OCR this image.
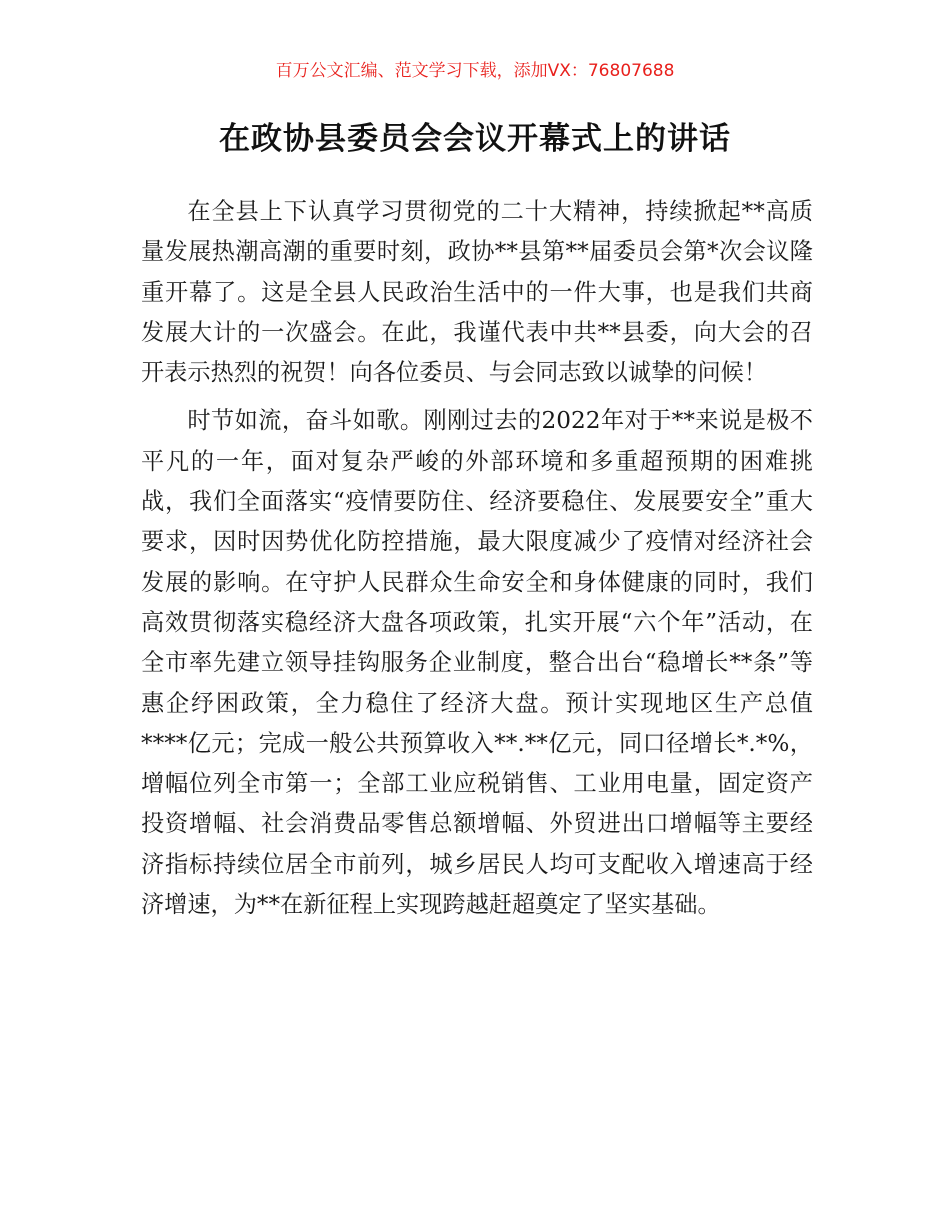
百万公文汇编、范文学习下载，添加VX：76807688
在政协县委员会会议开幕式上的讲话

在全县上下认真学习贯彻党的二十大精神，持续掀起**高质量发展热潮高潮的重要时刻，政协**县第**届委员会第*次会议隆重开幕了。这是全县人民政治生活中的一件大事，也是我们共商发展大计的一次盛会。在此，我谨代表中共**县委，向大会的召开表示热烈的祝贺！向各位委员、与会同志致以诚挚的问候！

时节如流，奋斗如歌。刚刚过去的2022年对于**来说是极不平凡的一年，面对复杂严峻的外部环境和多重超预期的困难挑战，我们全面落实“疫情要防住、经济要稳住、发展要安全”重大要求，因时因势优化防控措施，最大限度减少了疫情对经济社会发展的影响。在守护人民群众生命安全和身体健康的同时，我们高效贯彻落实稳经济大盘各项政策，扎实开展“六个年”活动，在全市率先建立领导挂钩服务企业制度，整合出台“稳增长**条”等惠企纾困政策，全力稳住了经济大盘。预计实现地区生产总值****亿元；完成一般公共预算收入**.**亿元，同口径增长*.*%，增幅位列全市第一；全部工业应税销售、工业用电量，固定资产投资增幅、社会消费品零售总额增幅、外贸进出口增幅等主要经济指标持续位居全市前列，城乡居民人均可支配收入增速高于经济增速，为**在新征程上实现跨越赶超奠定了坚实基础。
